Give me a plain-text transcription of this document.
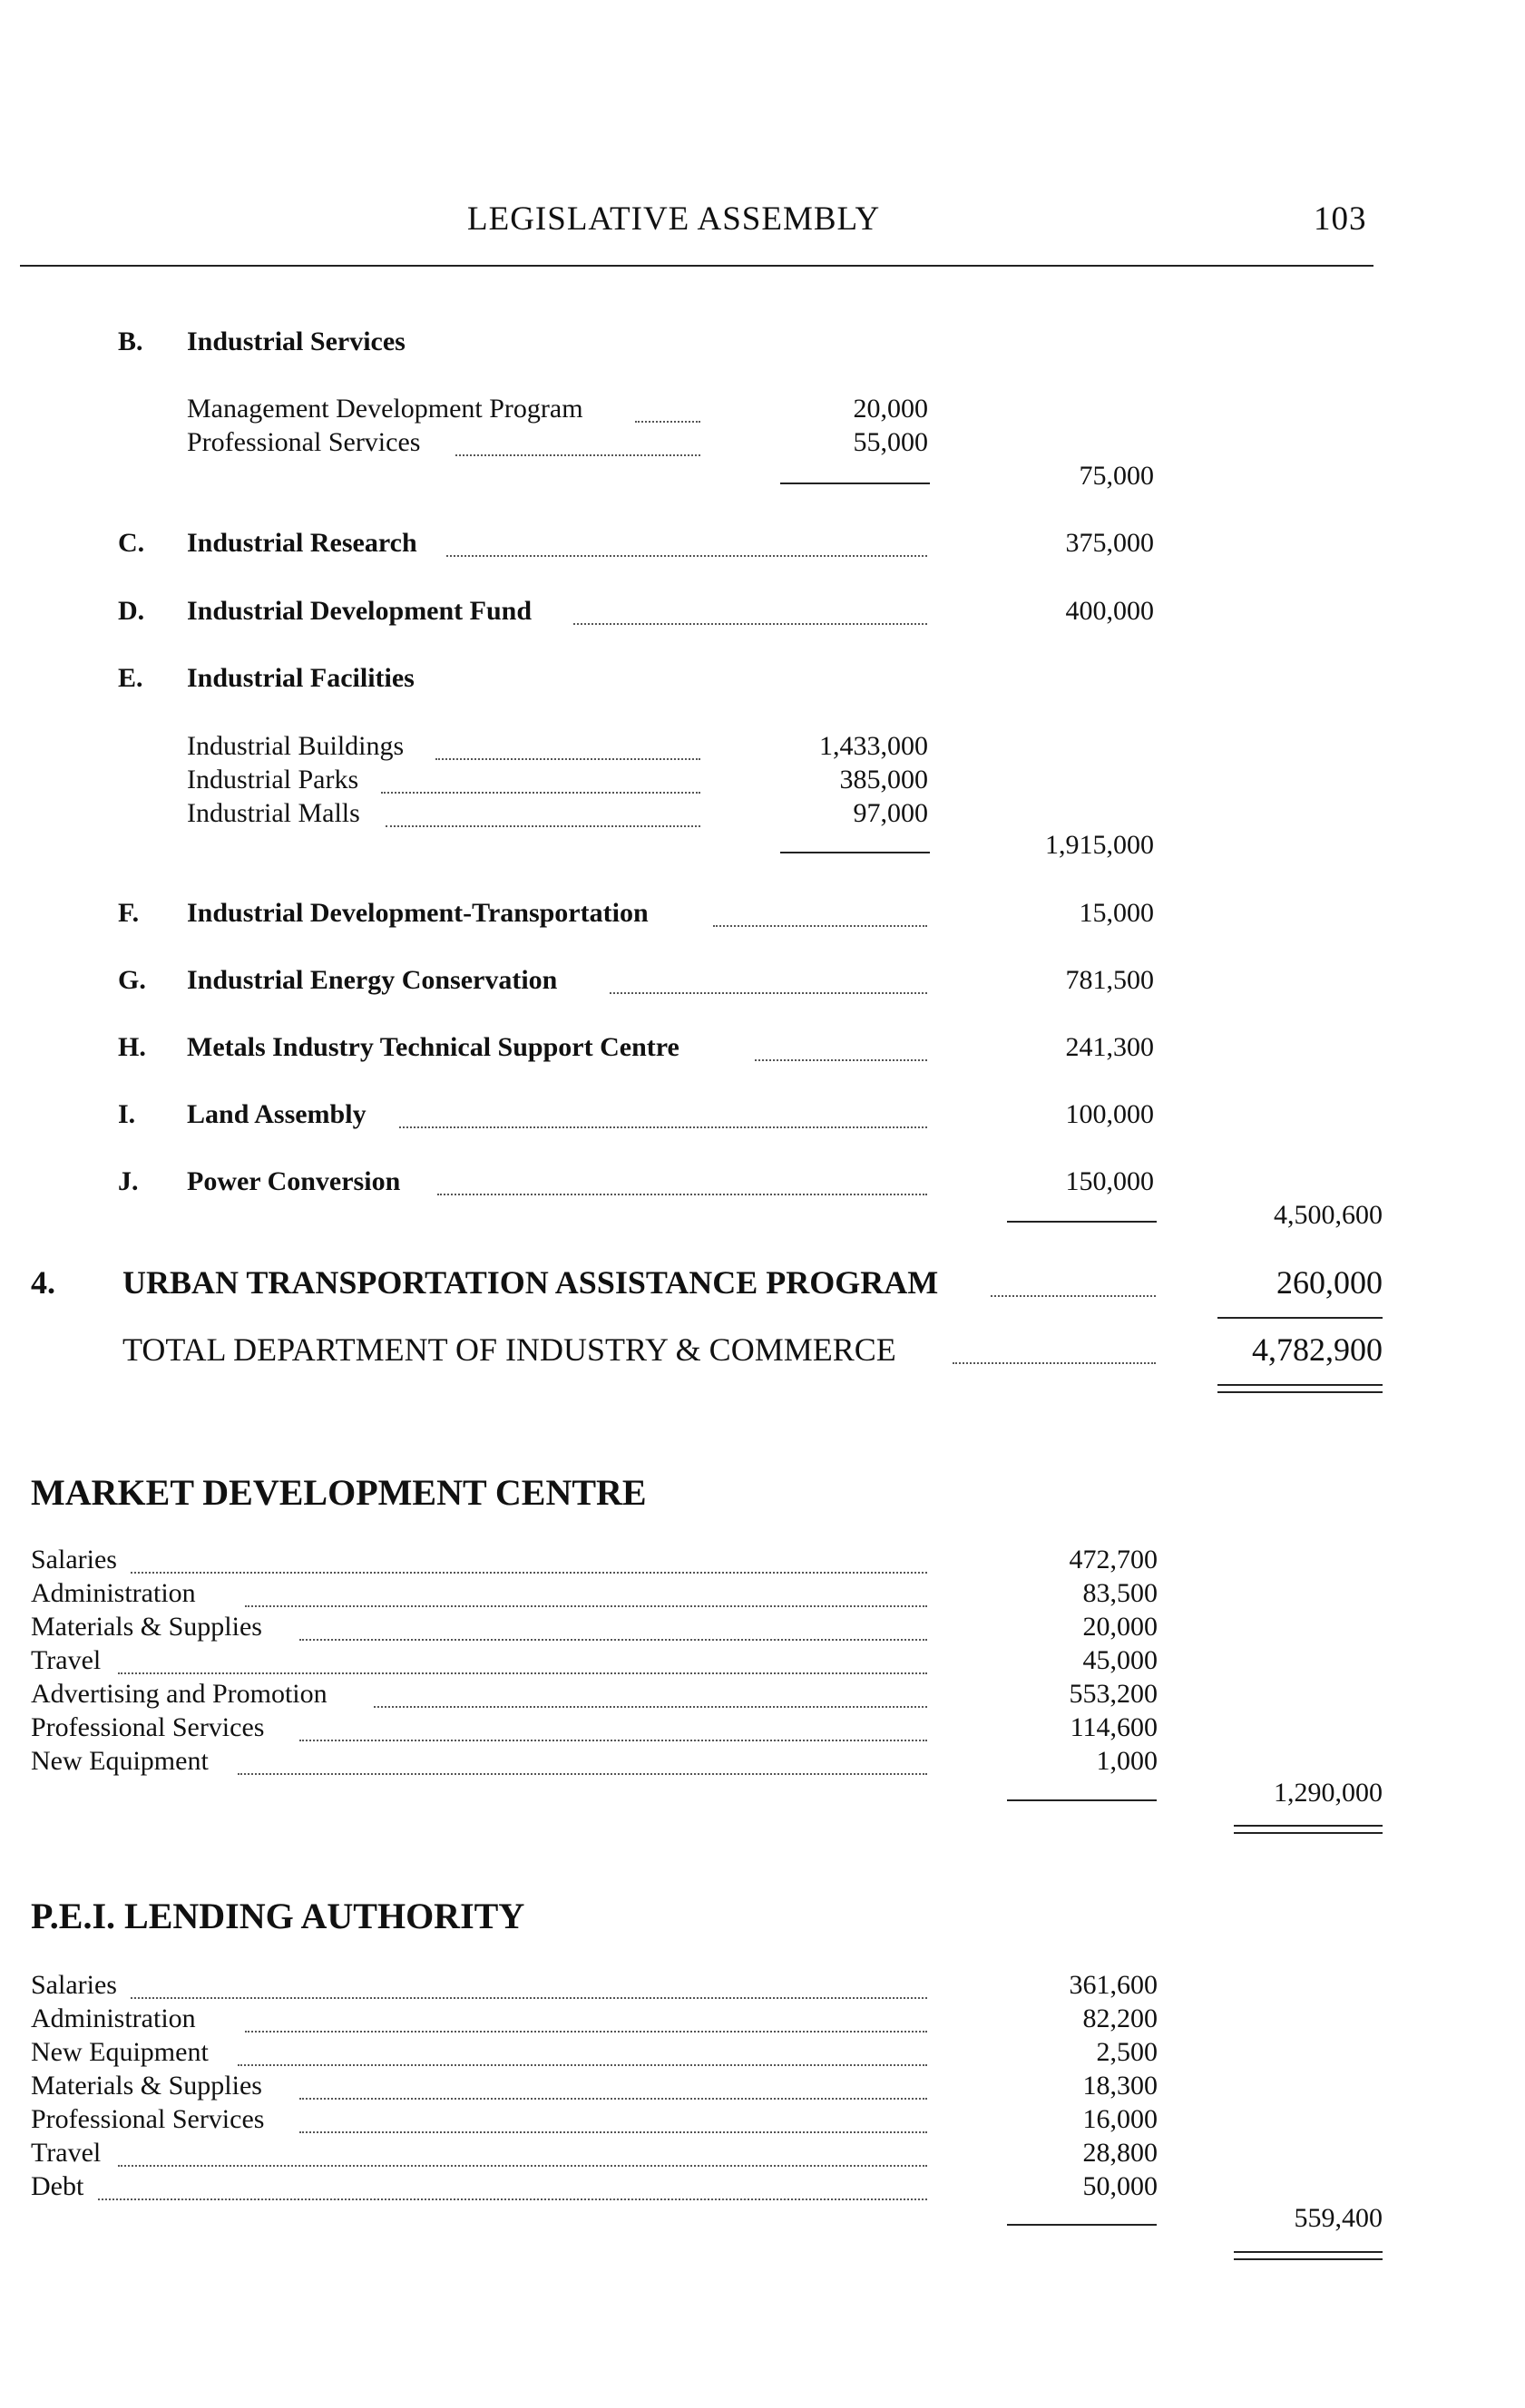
LEGISLATIVE ASSEMBLY	103
B. Industrial Services
Management Development Program	20,000
Professional Services	55,000
75,000
C. Industrial Research	375,000
D. Industrial Development Fund	400,000
E. Industrial Facilities
Industrial Buildings	1,433,000
Industrial Parks	385,000
Industrial Malls	97,000
1,915,000
F. Industrial Development-Transportation	15,000
G. Industrial Energy Conservation	781,500
H. Metals Industry Technical Support Centre	241,300
I. Land Assembly	100,000
J. Power Conversion	150,000
4,500,600
4. URBAN TRANSPORTATION ASSISTANCE PROGRAM	260,000
TOTAL DEPARTMENT OF INDUSTRY & COMMERCE	4,782,900
MARKET DEVELOPMENT CENTRE
Salaries	472,700
Administration	83,500
Materials & Supplies	20,000
Travel	45,000
Advertising and Promotion	553,200
Professional Services	114,600
New Equipment	1,000
1,290,000
P.E.I. LENDING AUTHORITY
Salaries	361,600
Administration	82,200
New Equipment	2,500
Materials & Supplies	18,300
Professional Services	16,000
Travel	28,800
Debt	50,000
559,400
